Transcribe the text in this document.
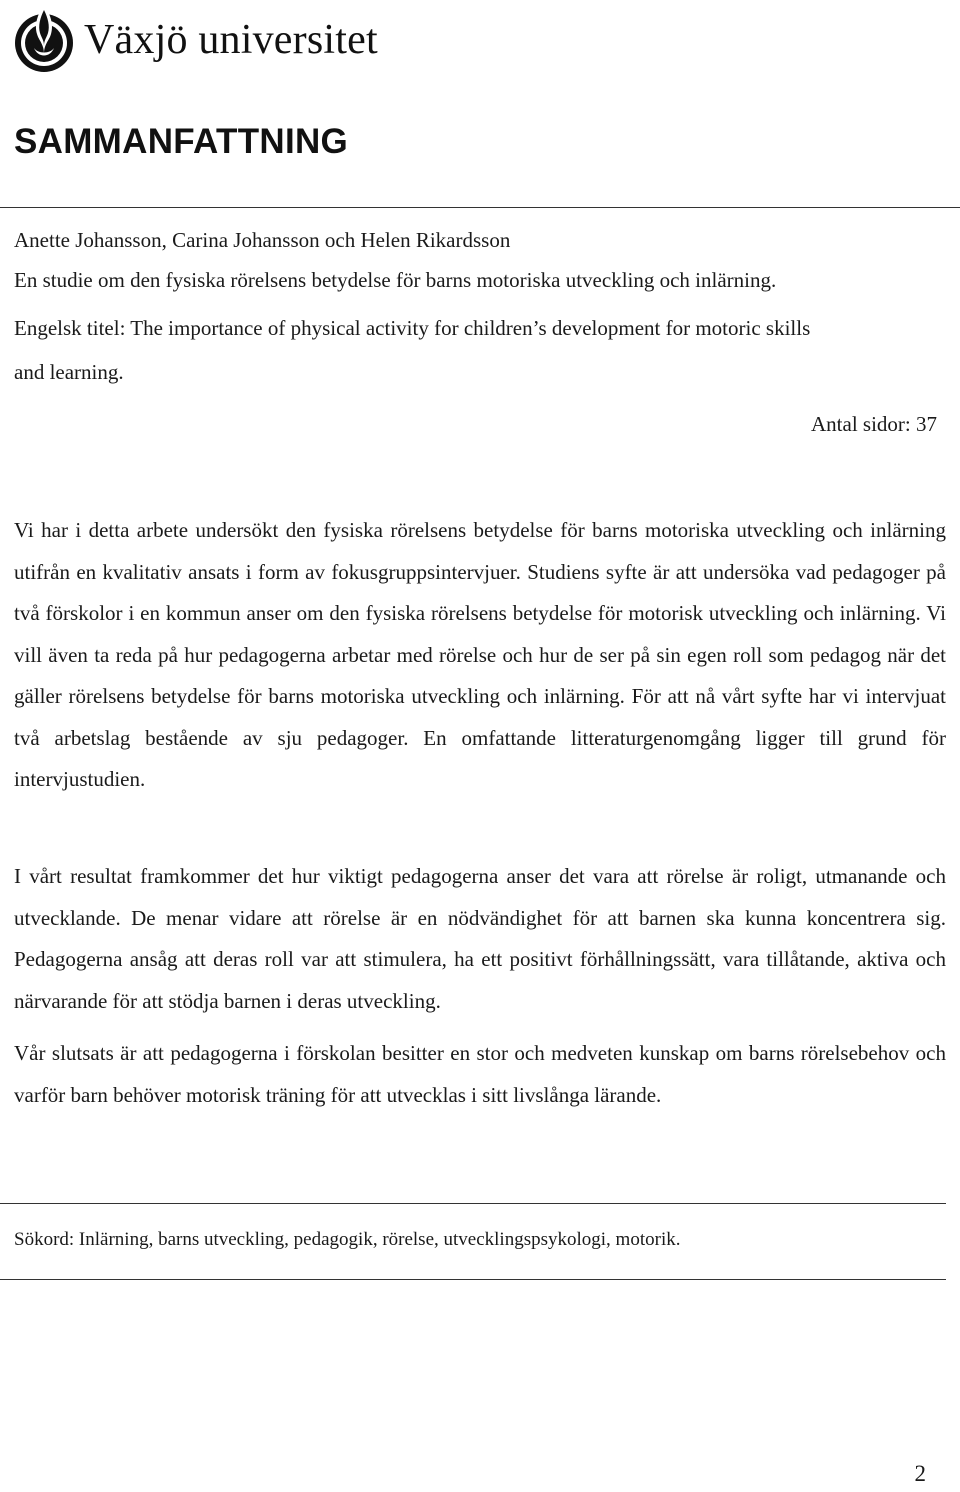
Växjö universitet
SAMMANFATTNING

Anette Johansson, Carina Johansson och Helen Rikardsson

En studie om den fysiska rörelsens betydelse för barns motoriska utveckling och inlärning.

Engelsk titel: The importance of physical activity for children’s development for motoric skills

and learning.

Antal sidor: 37

Vi har i detta arbete undersökt den fysiska rörelsens betydelse för barns motoriska utveckling och inlärning utifrån en kvalitativ ansats i form av fokusgruppsintervjuer. Studiens syfte är att undersöka vad pedagoger på två förskolor i en kommun anser om den fysiska rörelsens betydelse för motorisk utveckling och inlärning. Vi vill även ta reda på hur pedagogerna arbetar med rörelse och hur de ser på sin egen roll som pedagog när det gäller rörelsens betydelse för barns motoriska utveckling och inlärning. För att nå vårt syfte har vi intervjuat två arbetslag bestående av sju pedagoger. En omfattande litteraturgenomgång ligger till grund för intervjustudien.

I vårt resultat framkommer det hur viktigt pedagogerna anser det vara att rörelse är roligt, utmanande och utvecklande. De menar vidare att rörelse är en nödvändighet för att barnen ska kunna koncentrera sig. Pedagogerna ansåg att deras roll var att stimulera, ha ett positivt förhållningssätt, vara tillåtande, aktiva och närvarande för att stödja barnen i deras utveckling.

Vår slutsats är att pedagogerna i förskolan besitter en stor och medveten kunskap om barns rörelsebehov och varför barn behöver motorisk träning för att utvecklas i sitt livslånga lärande.

Sökord: Inlärning, barns utveckling, pedagogik, rörelse, utvecklingspsykologi, motorik.
2
